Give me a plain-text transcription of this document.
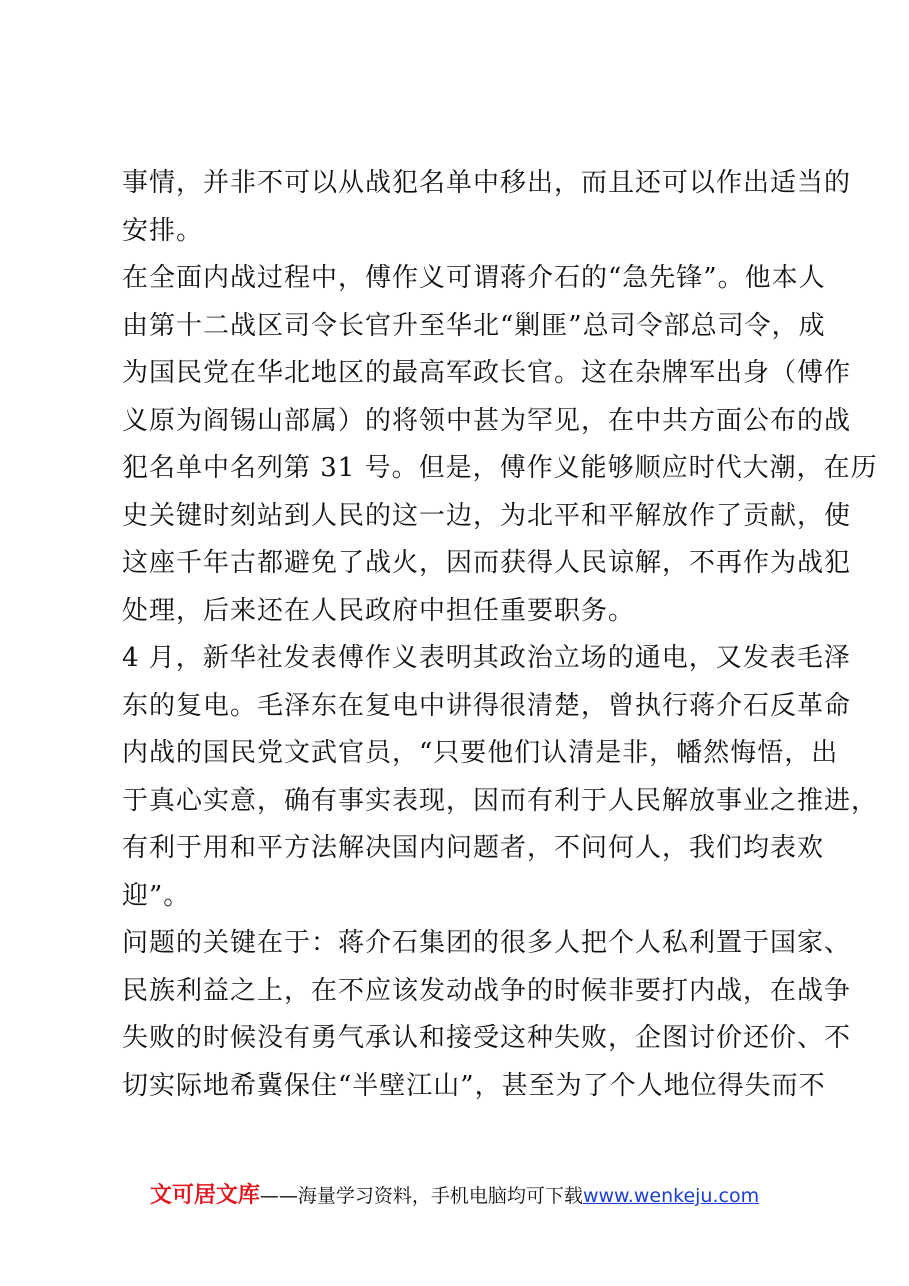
事情，并非不可以从战犯名单中移出，而且还可以作出适当的
安排。
在全面内战过程中，傅作义可谓蒋介石的“急先锋”。他本人
由第十二战区司令长官升至华北“剿匪”总司令部总司令，成
为国民党在华北地区的最高军政长官。这在杂牌军出身（傅作
义原为阎锡山部属）的将领中甚为罕见，在中共方面公布的战
犯名单中名列第 31 号。但是，傅作义能够顺应时代大潮，在历
史关键时刻站到人民的这一边，为北平和平解放作了贡献，使
这座千年古都避免了战火，因而获得人民谅解，不再作为战犯
处理，后来还在人民政府中担任重要职务。
4 月，新华社发表傅作义表明其政治立场的通电，又发表毛泽
东的复电。毛泽东在复电中讲得很清楚，曾执行蒋介石反革命
内战的国民党文武官员，“只要他们认清是非，幡然悔悟，出
于真心实意，确有事实表现，因而有利于人民解放事业之推进，
有利于用和平方法解决国内问题者，不问何人，我们均表欢
迎”。
问题的关键在于：蒋介石集团的很多人把个人私利置于国家、
民族利益之上，在不应该发动战争的时候非要打内战，在战争
失败的时候没有勇气承认和接受这种失败，企图讨价还价、不
切实际地希冀保住“半壁江山”，甚至为了个人地位得失而不
文可居文库——海量学习资料，手机电脑均可下载www.wenkeju.com
